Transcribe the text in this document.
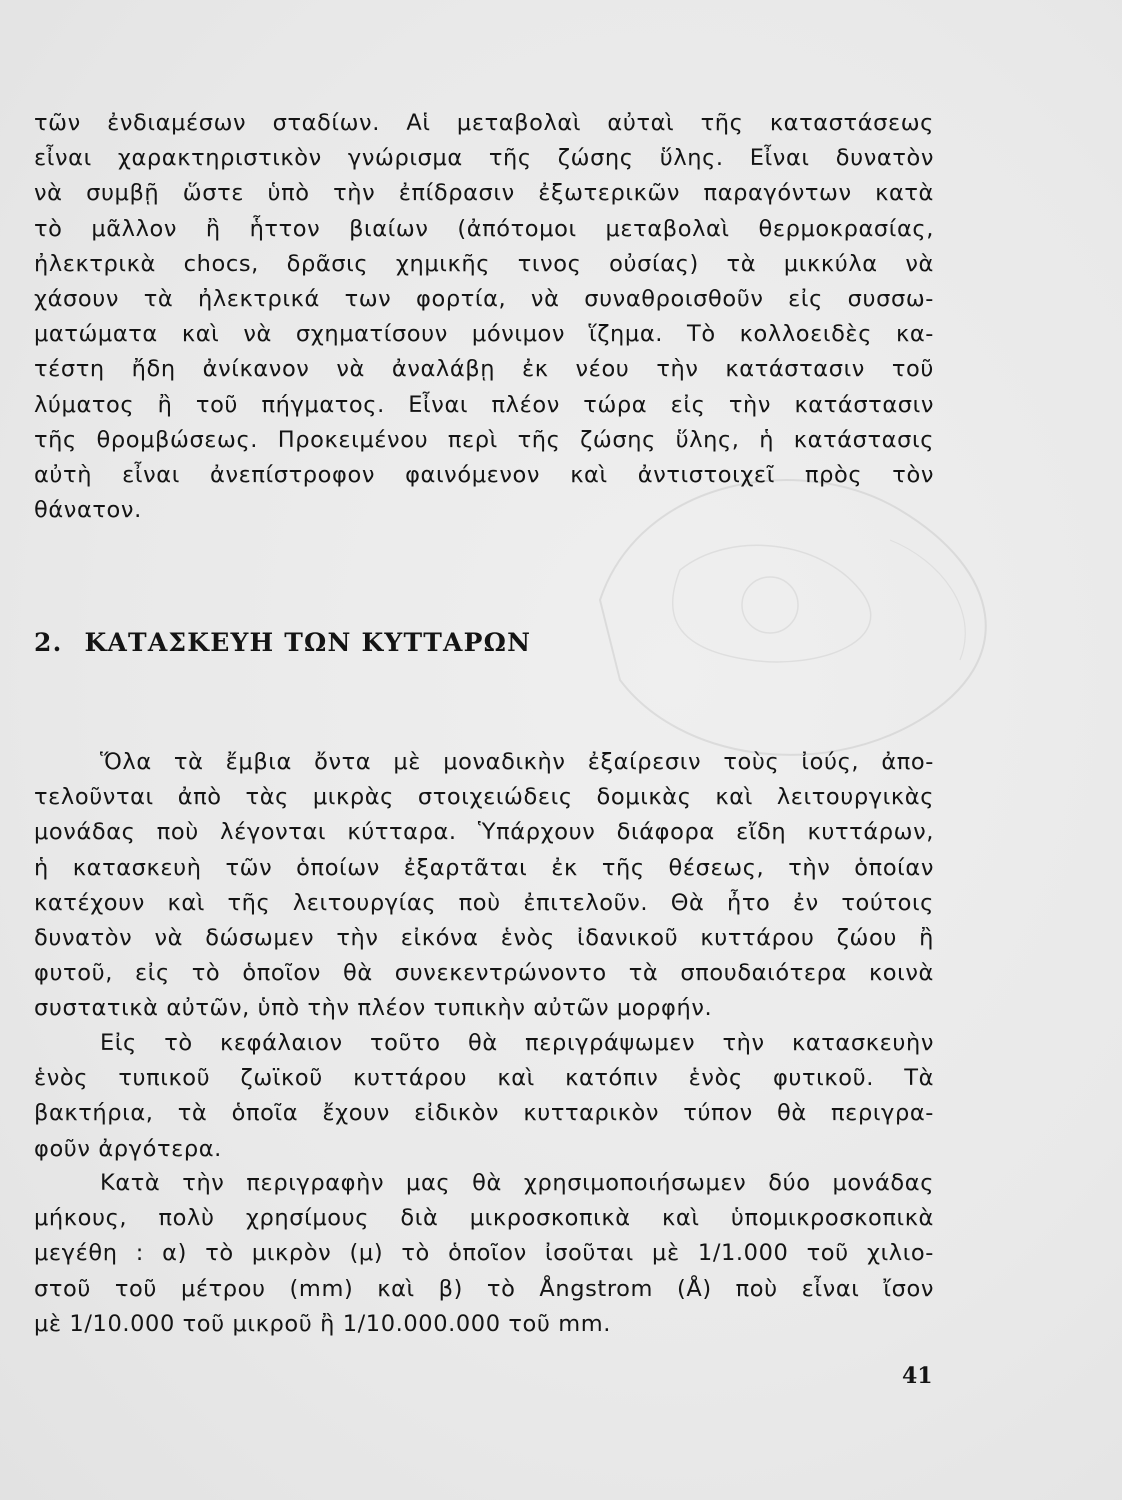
τῶν ἐνδιαμέσων σταδίων. Αἱ μεταβολαὶ αὐταὶ τῆς καταστάσεως
εἶναι χαρακτηριστικὸν γνώρισμα τῆς ζώσης ὕλης. Εἶναι δυνατὸν
νὰ συμβῇ ὥστε ὑπὸ τὴν ἐπίδρασιν ἐξωτερικῶν παραγόντων κατὰ
τὸ μᾶλλον ἢ ἧττον βιαίων (ἀπότομοι μεταβολαὶ θερμοκρασίας,
ἠλεκτρικὰ chocs, δρᾶσις χημικῆς τινος οὐσίας) τὰ μικκύλα νὰ
χάσουν τὰ ἠλεκτρικά των φορτία, νὰ συναθροισθοῦν εἰς συσσω-
ματώματα καὶ νὰ σχηματίσουν μόνιμον ἵζημα. Τὸ κολλοειδὲς κα-
τέστη ἤδη ἀνίκανον νὰ ἀναλάβῃ ἐκ νέου τὴν κατάστασιν τοῦ
λύματος ἢ τοῦ πήγματος. Εἶναι πλέον τώρα εἰς τὴν κατάστασιν
τῆς θρομβώσεως. Προκειμένου περὶ τῆς ζώσης ὕλης, ἡ κατάστασις
αὐτὴ εἶναι ἀνεπίστροφον φαινόμενον καὶ ἀντιστοιχεῖ πρὸς τὸν
θάνατον.
2. ΚΑΤΑΣΚΕΥΗ ΤΩΝ ΚΥΤΤΑΡΩΝ
Ὅλα τὰ ἔμβια ὄντα μὲ μοναδικὴν ἐξαίρεσιν τοὺς ἰούς, ἀπο-
τελοῦνται ἀπὸ τὰς μικρὰς στοιχειώδεις δομικὰς καὶ λειτουργικὰς
μονάδας ποὺ λέγονται κύτταρα. Ὑπάρχουν διάφορα εἴδη κυττάρων,
ἡ κατασκευὴ τῶν ὁποίων ἐξαρτᾶται ἐκ τῆς θέσεως, τὴν ὁποίαν
κατέχουν καὶ τῆς λειτουργίας ποὺ ἐπιτελοῦν. Θὰ ἦτο ἐν τούτοις
δυνατὸν νὰ δώσωμεν τὴν εἰκόνα ἑνὸς ἰδανικοῦ κυττάρου ζώου ἢ
φυτοῦ, εἰς τὸ ὁποῖον θὰ συνεκεντρώνοντο τὰ σπουδαιότερα κοινὰ
συστατικὰ αὐτῶν, ὑπὸ τὴν πλέον τυπικὴν αὐτῶν μορφήν.
Εἰς τὸ κεφάλαιον τοῦτο θὰ περιγράψωμεν τὴν κατασκευὴν
ἑνὸς τυπικοῦ ζωϊκοῦ κυττάρου καὶ κατόπιν ἑνὸς φυτικοῦ. Τὰ
βακτήρια, τὰ ὁποῖα ἔχουν εἰδικὸν κυτταρικὸν τύπον θὰ περιγρα-
φοῦν ἀργότερα.
Κατὰ τὴν περιγραφὴν μας θὰ χρησιμοποιήσωμεν δύο μονάδας
μήκους, πολὺ χρησίμους διὰ μικροσκοπικὰ καὶ ὑπομικροσκοπικὰ
μεγέθη : α) τὸ μικρὸν (μ) τὸ ὁποῖον ἰσοῦται μὲ 1/1.000 τοῦ χιλιο-
στοῦ τοῦ μέτρου (mm) καὶ β) τὸ Ångstrom (Å) ποὺ εἶναι ἴσον
μὲ 1/10.000 τοῦ μικροῦ ἢ 1/10.000.000 τοῦ mm.
41
